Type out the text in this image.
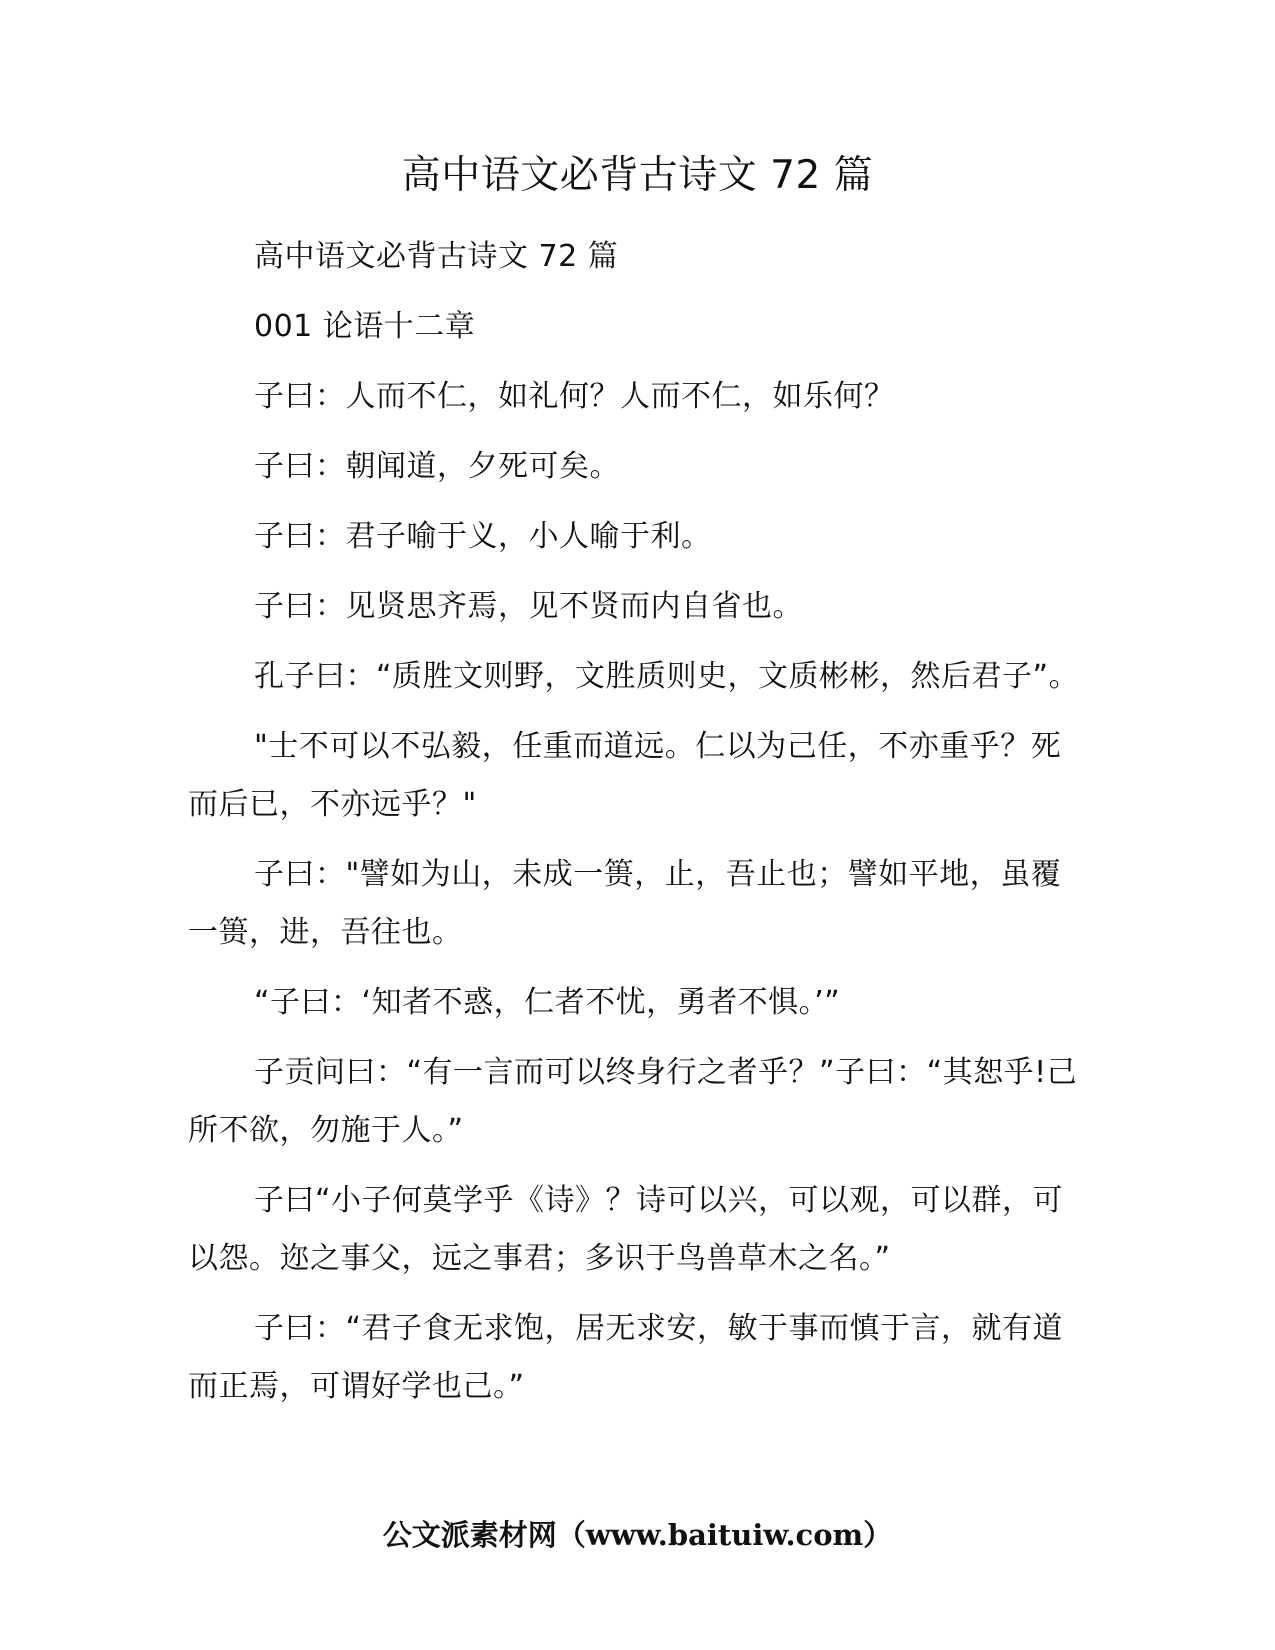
高中语文必背古诗文 72 篇

高中语文必背古诗文 72 篇

001 论语十二章

子曰：人而不仁，如礼何？人而不仁，如乐何？

子曰：朝闻道，夕死可矣。

子曰：君子喻于义，小人喻于利。

子曰：见贤思齐焉，见不贤而内自省也。

孔子曰：“质胜文则野，文胜质则史，文质彬彬，然后君子”。

"士不可以不弘毅，任重而道远。仁以为己任，不亦重乎？死而后已，不亦远乎？"

子曰："譬如为山，未成一篑，止，吾止也；譬如平地，虽覆一篑，进，吾往也。

“子曰：‘知者不惑，仁者不忧，勇者不惧。’”

子贡问曰：“有一言而可以终身行之者乎？”子曰：“其恕乎!己所不欲，勿施于人。”

子曰“小子何莫学乎《诗》？诗可以兴，可以观，可以群，可以怨。迩之事父，远之事君；多识于鸟兽草木之名。”

子曰：“君子食无求饱，居无求安，敏于事而慎于言，就有道而正焉，可谓好学也己。”

公文派素材网（www.baituiw.com）
